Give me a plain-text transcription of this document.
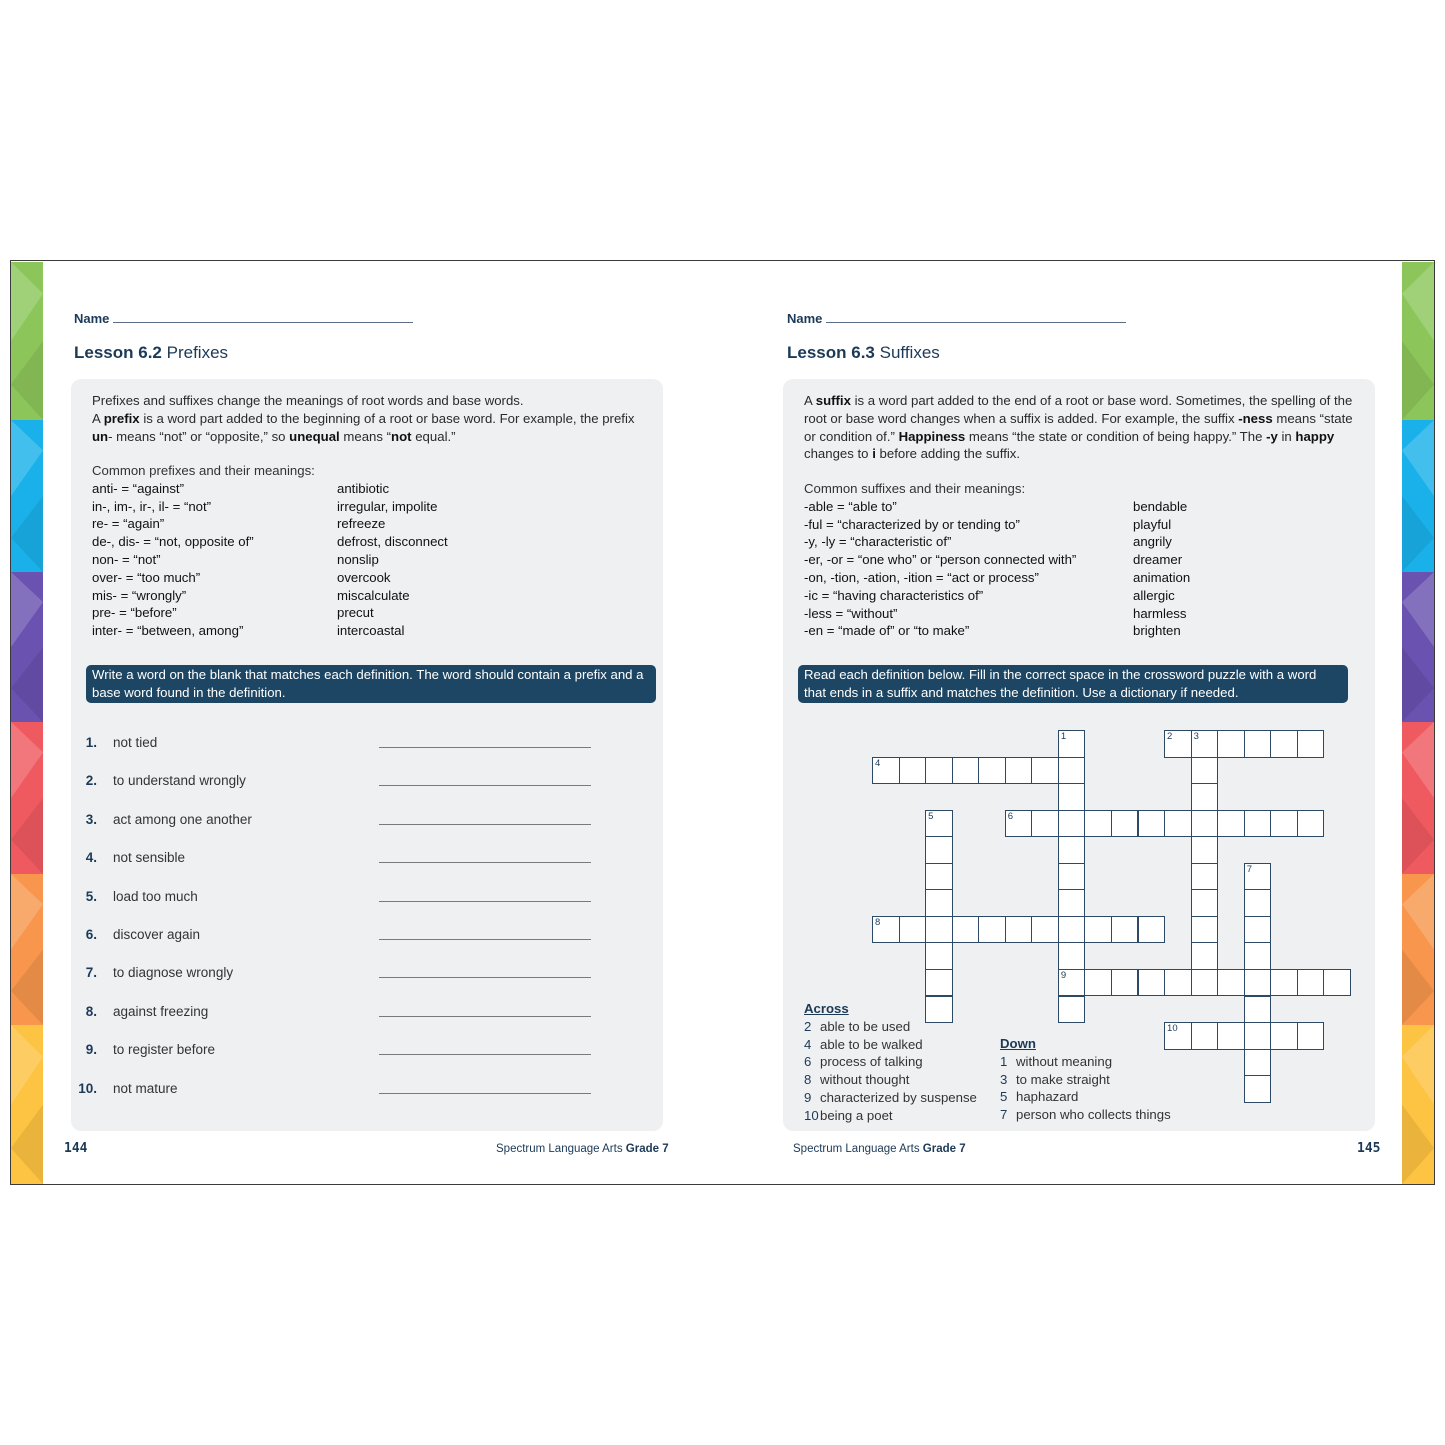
Name
Lesson 6.2 Prefixes
Prefixes and suffixes change the meanings of root words and base words.
A prefix is a word part added to the beginning of a root or base word. For example, the prefix
un- means “not” or “opposite,” so unequal means “not equal.”
Common prefixes and their meanings:
anti- = “against”	antibiotic
in-, im-, ir-, il- = “not”	irregular, impolite
re- = “again”	refreeze
de-, dis- = “not, opposite of”	defrost, disconnect
non- = “not”	nonslip
over- = “too much”	overcook
mis- = “wrongly”	miscalculate
pre- = “before”	precut
inter- = “between, among”	intercoastal
Write a word on the blank that matches each definition. The word should contain a prefix and a base word found in the definition.
1. not tied
2. to understand wrongly
3. act among one another
4. not sensible
5. load too much
6. discover again
7. to diagnose wrongly
8. against freezing
9. to register before
10. not mature
144	Spectrum Language Arts Grade 7
Name
Lesson 6.3 Suffixes
A suffix is a word part added to the end of a root or base word. Sometimes, the spelling of the
root or base word changes when a suffix is added. For example, the suffix -ness means “state
or condition of.” Happiness means “the state or condition of being happy.” The -y in happy
changes to i before adding the suffix.
Common suffixes and their meanings:
-able = “able to”	bendable
-ful = “characterized by or tending to”	playful
-y, -ly = “characteristic of”	angrily
-er, -or = “one who” or “person connected with”	dreamer
-on, -tion, -ation, -ition = “act or process”	animation
-ic = “having characteristics of”	allergic
-less = “without”	harmless
-en = “made of” or “to make”	brighten
Read each definition below. Fill in the correct space in the crossword puzzle with a word that ends in a suffix and matches the definition. Use a dictionary if needed.
Across
2 able to be used
4 able to be walked
6 process of talking
8 without thought
9 characterized by suspense
10being a poet
Down
1 without meaning
3 to make straight
5 haphazard
7 person who collects things
1
9
2 3
4
5	6
7
8
10
145
Spectrum Language Arts Grade 7
